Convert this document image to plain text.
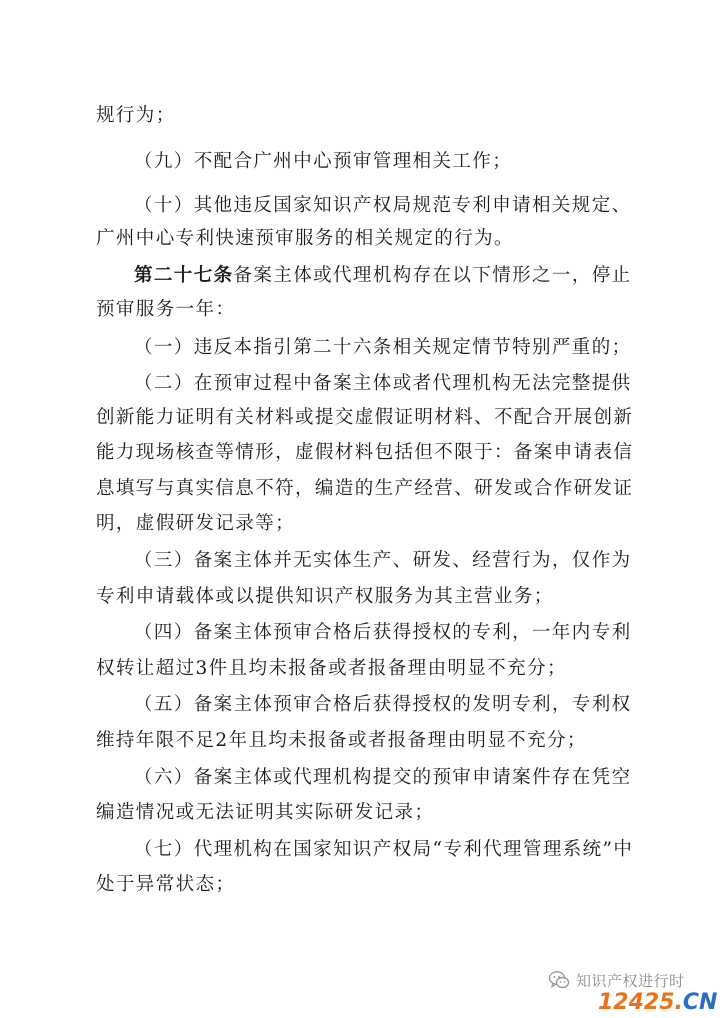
规行为；
（九）不配合广州中心预审管理相关工作；
（十）其他违反国家知识产权局规范专利申请相关规定、
广州中心专利快速预审服务的相关规定的行为。
第二十七条备案主体或代理机构存在以下情形之一，停止
预审服务一年：
（一）违反本指引第二十六条相关规定情节特别严重的；
（二）在预审过程中备案主体或者代理机构无法完整提供
创新能力证明有关材料或提交虚假证明材料、不配合开展创新
能力现场核查等情形，虚假材料包括但不限于：备案申请表信
息填写与真实信息不符，编造的生产经营、研发或合作研发证
明，虚假研发记录等；
（三）备案主体并无实体生产、研发、经营行为，仅作为
专利申请载体或以提供知识产权服务为其主营业务；
（四）备案主体预审合格后获得授权的专利，一年内专利
权转让超过3件且均未报备或者报备理由明显不充分；
（五）备案主体预审合格后获得授权的发明专利，专利权
维持年限不足2年且均未报备或者报备理由明显不充分；
（六）备案主体或代理机构提交的预审申请案件存在凭空
编造情况或无法证明其实际研发记录；
（七）代理机构在国家知识产权局“专利代理管理系统”中
处于异常状态；
知识产权进行时
12425 . CN
